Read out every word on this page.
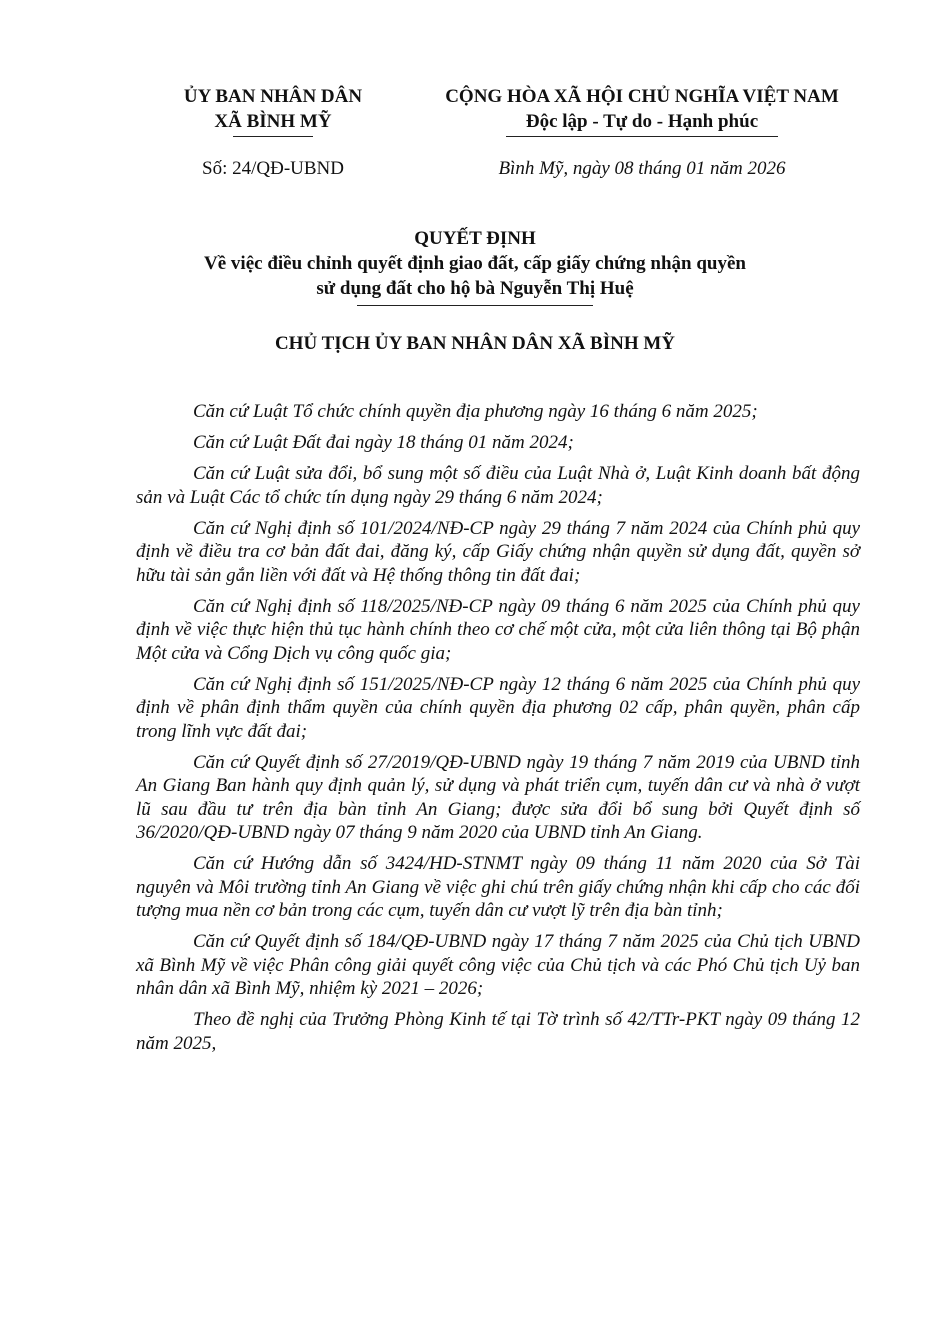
ỦY BAN NHÂN DÂN
XÃ BÌNH MỸ
CỘNG HÒA XÃ HỘI CHỦ NGHĨA VIỆT NAM
Độc lập - Tự do - Hạnh phúc
Số: 24/QĐ-UBND	Bình Mỹ, ngày 08 tháng 01 năm 2026
QUYẾT ĐỊNH
Về việc điều chỉnh quyết định giao đất, cấp giấy chứng nhận quyền
sử dụng đất cho hộ bà Nguyễn Thị Huệ
CHỦ TỊCH ỦY BAN NHÂN DÂN XÃ BÌNH MỸ

Căn cứ Luật Tổ chức chính quyền địa phương ngày 16 tháng 6 năm 2025;

Căn cứ Luật Đất đai ngày 18 tháng 01 năm 2024;

Căn cứ Luật sửa đổi, bổ sung một số điều của Luật Nhà ở, Luật Kinh doanh bất động sản và Luật Các tổ chức tín dụng ngày 29 tháng 6 năm 2024;

Căn cứ Nghị định số 101/2024/NĐ-CP ngày 29 tháng 7 năm 2024 của Chính phủ quy định về điều tra cơ bản đất đai, đăng ký, cấp Giấy chứng nhận quyền sử dụng đất, quyền sở hữu tài sản gắn liền với đất và Hệ thống thông tin đất đai;

Căn cứ Nghị định số 118/2025/NĐ-CP ngày 09 tháng 6 năm 2025 của Chính phủ quy định về việc thực hiện thủ tục hành chính theo cơ chế một cửa, một cửa liên thông tại Bộ phận Một cửa và Cổng Dịch vụ công quốc gia;

Căn cứ Nghị định số 151/2025/NĐ-CP ngày 12 tháng 6 năm 2025 của Chính phủ quy định về phân định thẩm quyền của chính quyền địa phương 02 cấp, phân quyền, phân cấp trong lĩnh vực đất đai;

Căn cứ Quyết định số 27/2019/QĐ-UBND ngày 19 tháng 7 năm 2019 của UBND tỉnh An Giang Ban hành quy định quản lý, sử dụng và phát triển cụm, tuyến dân cư và nhà ở vượt lũ sau đầu tư trên địa bàn tỉnh An Giang; được sửa đổi bổ sung bởi Quyết định số 36/2020/QĐ-UBND ngày 07 tháng 9 năm 2020 của UBND tỉnh An Giang.

Căn cứ Hướng dẫn số 3424/HD-STNMT ngày 09 tháng 11 năm 2020 của Sở Tài nguyên và Môi trường tỉnh An Giang về việc ghi chú trên giấy chứng nhận khi cấp cho các đối tượng mua nền cơ bản trong các cụm, tuyến dân cư vượt lỹ trên địa bàn tỉnh;

Căn cứ Quyết định số 184/QĐ-UBND ngày 17 tháng 7 năm 2025 của Chủ tịch UBND xã Bình Mỹ về việc Phân công giải quyết công việc của Chủ tịch và các Phó Chủ tịch Uỷ ban nhân dân xã Bình Mỹ, nhiệm kỳ 2021 – 2026;

Theo đề nghị của Trưởng Phòng Kinh tế tại Tờ trình số 42/TTr-PKT ngày 09 tháng 12 năm 2025,
